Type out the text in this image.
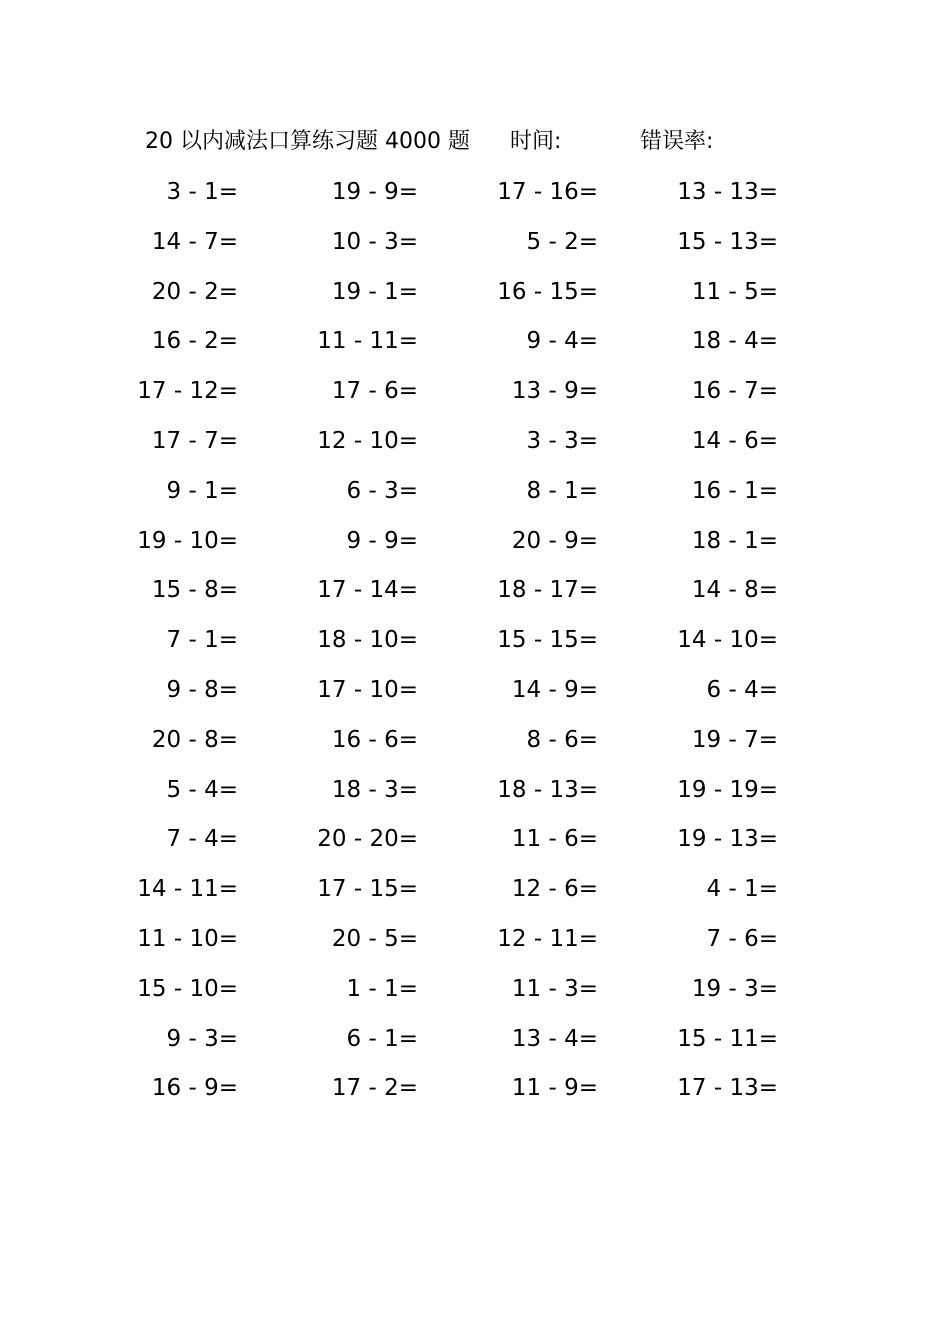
20 以内减法口算练习题 4000 题 时间:	错误率:
3 - 1=	19 - 9=	17 - 16=	13 - 13=
14 - 7=	10 - 3=	5 - 2=	15 - 13=
20 - 2=	19 - 1=	16 - 15=	11 - 5=
16 - 2=	11 - 11=	9 - 4=	18 - 4=
17 - 12=	17 - 6=	13 - 9=	16 - 7=
17 - 7=	12 - 10=	3 - 3=	14 - 6=
9 - 1=	6 - 3=	8 - 1=	16 - 1=
19 - 10=	9 - 9=	20 - 9=	18 - 1=
15 - 8=	17 - 14=	18 - 17=	14 - 8=
7 - 1=	18 - 10=	15 - 15=	14 - 10=
9 - 8=	17 - 10=	14 - 9=	6 - 4=
20 - 8=	16 - 6=	8 - 6=	19 - 7=
5 - 4=	18 - 3=	18 - 13=	19 - 19=
7 - 4=	20 - 20=	11 - 6=	19 - 13=
14 - 11=	17 - 15=	12 - 6=	4 - 1=
11 - 10=	20 - 5=	12 - 11=	7 - 6=
15 - 10=	1 - 1=	11 - 3=	19 - 3=
9 - 3=	6 - 1=	13 - 4=	15 - 11=
16 - 9=	17 - 2=	11 - 9=	17 - 13=
